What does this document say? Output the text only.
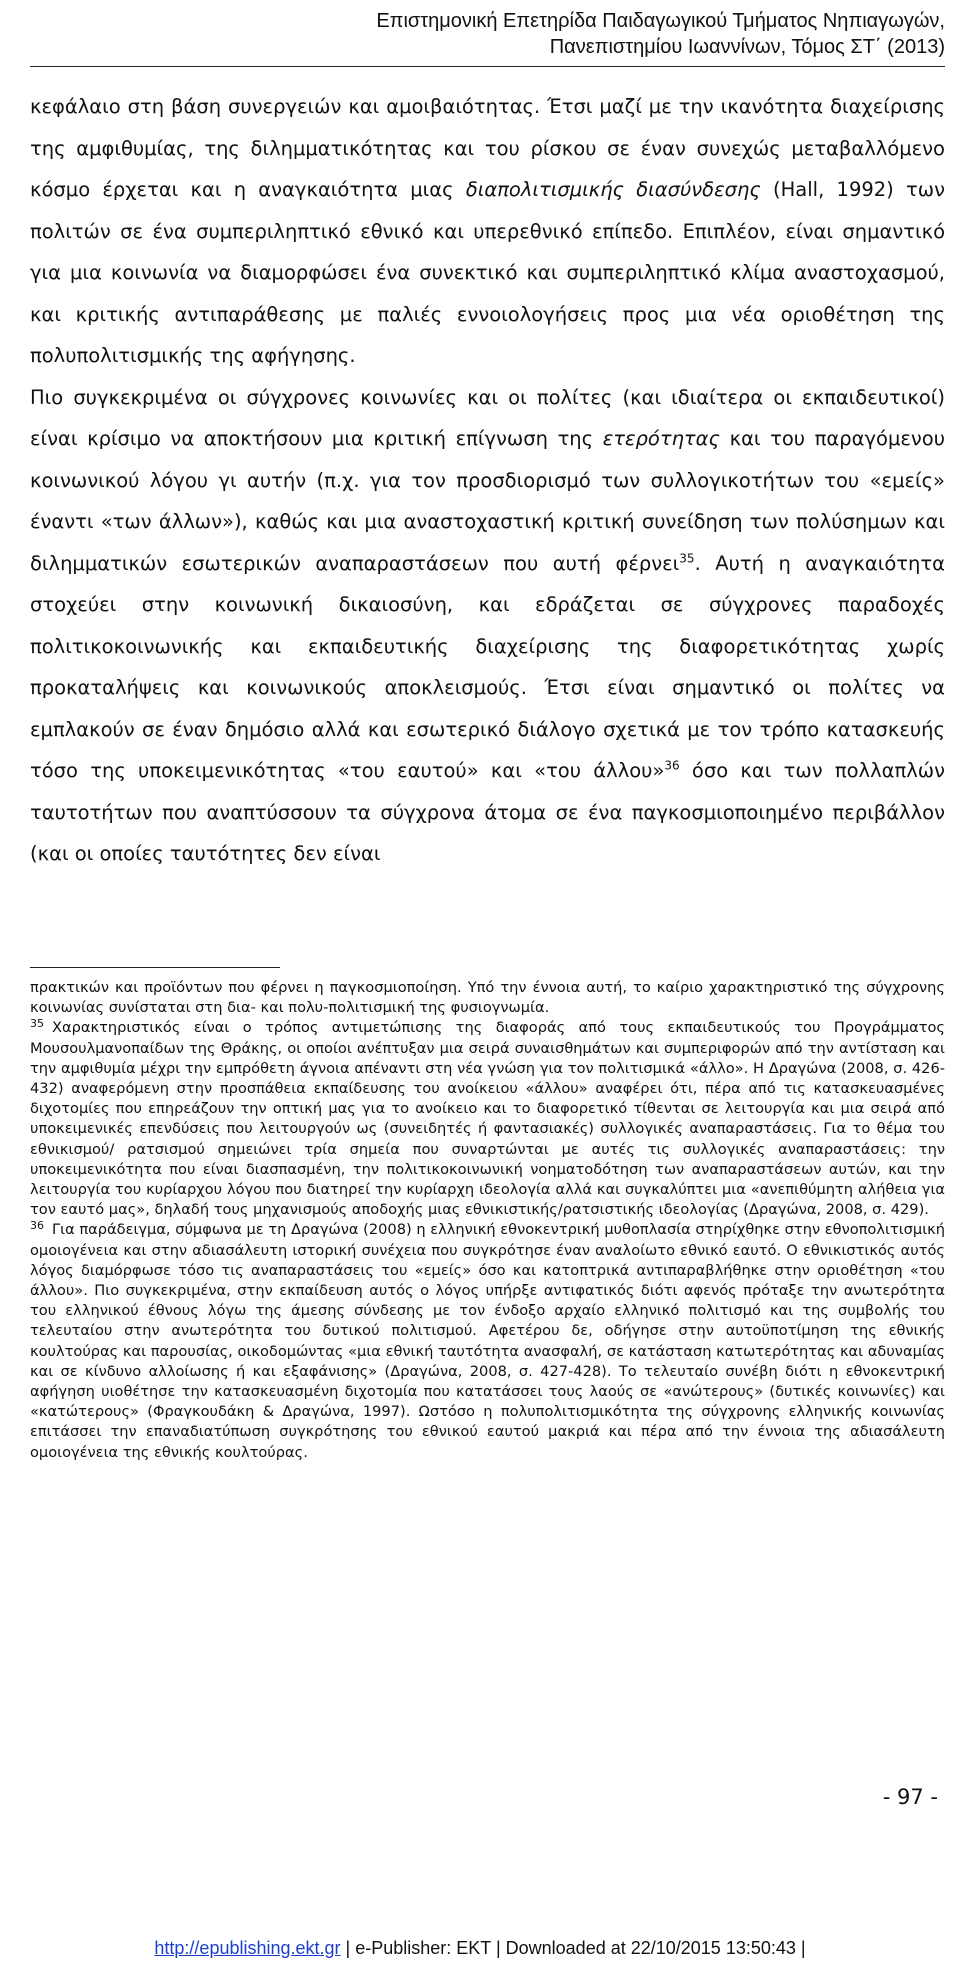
Επιστημονική Επετηρίδα Παιδαγωγικού Τμήματος Νηπιαγωγών,
Πανεπιστημίου Ιωαννίνων, Τόμος ΣΤ΄ (2013)

κεφάλαιο στη βάση συνεργειών και αμοιβαιότητας. Έτσι μαζί με την ικανότητα διαχείρισης της αμφιθυμίας, της διλημματικότητας και του ρίσκου σε έναν συνεχώς μεταβαλλόμενο κόσμο έρχεται και η αναγκαιότητα μιας διαπολιτισμικής διασύνδεσης (Hall, 1992) των πολιτών σε ένα συμπεριληπτικό εθνικό και υπερεθνικό επίπεδο. Επιπλέον, είναι σημαντικό για μια κοινωνία να διαμορφώσει ένα συνεκτικό και συμπεριληπτικό κλίμα αναστοχασμού, και κριτικής αντιπαράθεσης με παλιές εννοιολογήσεις προς μια νέα οριοθέτηση της πολυπολιτισμικής της αφήγησης.

Πιο συγκεκριμένα οι σύγχρονες κοινωνίες και οι πολίτες (και ιδιαίτερα οι εκπαιδευτικοί) είναι κρίσιμο να αποκτήσουν μια κριτική επίγνωση της ετερότητας και του παραγόμενου κοινωνικού λόγου γι αυτήν (π.χ. για τον προσδιορισμό των συλλογικοτήτων του «εμείς» έναντι «των άλλων»), καθώς και μια αναστοχαστική κριτική συνείδηση των πολύσημων και διλημματικών εσωτερικών αναπαραστάσεων που αυτή φέρνει$^{35}$. Αυτή η αναγκαιότητα στοχεύει στην κοινωνική δικαιοσύνη, και εδράζεται σε σύγχρονες παραδοχές πολιτικοκοινωνικής και εκπαιδευτικής διαχείρισης της διαφορετικότητας χωρίς προκαταλήψεις και κοινωνικούς αποκλεισμούς. Έτσι είναι σημαντικό οι πολίτες να εμπλακούν σε έναν δημόσιο αλλά και εσωτερικό διάλογο σχετικά με τον τρόπο κατασκευής τόσο της υποκειμενικότητας «του εαυτού» και «του άλλου»$^{36}$ όσο και των πολλαπλών ταυτοτήτων που αναπτύσσουν τα σύγχρονα άτομα σε ένα παγκοσμιοποιημένο περιβάλλον (και οι οποίες ταυτότητες δεν είναι

πρακτικών και προϊόντων που φέρνει η παγκοσμιοποίηση. Υπό την έννοια αυτή, το καίριο χαρακτηριστικό της σύγχρονης κοινωνίας συνίσταται στη δια- και πολυ-πολιτισμική της φυσιογνωμία.

$^{35}$ Χαρακτηριστικός είναι ο τρόπος αντιμετώπισης της διαφοράς από τους εκπαιδευτικούς του Προγράμματος Μουσουλμανοπαίδων της Θράκης, οι οποίοι ανέπτυξαν μια σειρά συναισθημάτων και συμπεριφορών από την αντίσταση και την αμφιθυμία μέχρι την εμπρόθετη άγνοια απέναντι στη νέα γνώση για τον πολιτισμικά «άλλο». Η Δραγώνα (2008, σ. 426-432) αναφερόμενη στην προσπάθεια εκπαίδευσης του ανοίκειου «άλλου» αναφέρει ότι, πέρα από τις κατασκευασμένες διχοτομίες που επηρεάζουν την οπτική μας για το ανοίκειο και το διαφορετικό τίθενται σε λειτουργία και μια σειρά από υποκειμενικές επενδύσεις που λειτουργούν ως (συνειδητές ή φαντασιακές) συλλογικές αναπαραστάσεις. Για το θέμα του εθνικισμού/ ρατσισμού σημειώνει τρία σημεία που συναρτώνται με αυτές τις συλλογικές αναπαραστάσεις: την υποκειμενικότητα που είναι διασπασμένη, την πολιτικοκοινωνική νοηματοδότηση των αναπαραστάσεων αυτών, και την λειτουργία του κυρίαρχου λόγου που διατηρεί την κυρίαρχη ιδεολογία αλλά και συγκαλύπτει μια «ανεπιθύμητη αλήθεια για τον εαυτό μας», δηλαδή τους μηχανισμούς αποδοχής μιας εθνικιστικής/ρατσιστικής ιδεολογίας (Δραγώνα, 2008, σ. 429).

$^{36}$ Για παράδειγμα, σύμφωνα με τη Δραγώνα (2008) η ελληνική εθνοκεντρική μυθοπλασία στηρίχθηκε στην εθνοπολιτισμική ομοιογένεια και στην αδιασάλευτη ιστορική συνέχεια που συγκρότησε έναν αναλοίωτο εθνικό εαυτό. Ο εθνικιστικός αυτός λόγος διαμόρφωσε τόσο τις αναπαραστάσεις του «εμείς» όσο και κατοπτρικά αντιπαραβλήθηκε στην οριοθέτηση «του άλλου». Πιο συγκεκριμένα, στην εκπαίδευση αυτός ο λόγος υπήρξε αντιφατικός διότι αφενός πρόταξε την ανωτερότητα του ελληνικού έθνους λόγω της άμεσης σύνδεσης με τον ένδοξο αρχαίο ελληνικό πολιτισμό και της συμβολής του τελευταίου στην ανωτερότητα του δυτικού πολιτισμού. Αφετέρου δε, οδήγησε στην αυτοϋποτίμηση της εθνικής κουλτούρας και παρουσίας, οικοδομώντας «μια εθνική ταυτότητα ανασφαλή, σε κατάσταση κατωτερότητας και αδυναμίας και σε κίνδυνο αλλοίωσης ή και εξαφάνισης» (Δραγώνα, 2008, σ. 427-428). Το τελευταίο συνέβη διότι η εθνοκεντρική αφήγηση υιοθέτησε την κατασκευασμένη διχοτομία που κατατάσσει τους λαούς σε «ανώτερους» (δυτικές κοινωνίες) και «κατώτερους» (Φραγκουδάκη & Δραγώνα, 1997). Ωστόσο η πολυπολιτισμικότητα της σύγχρονης ελληνικής κοινωνίας επιτάσσει την επαναδιατύπωση συγκρότησης του εθνικού εαυτού μακριά και πέρα από την έννοια της αδιασάλευτη ομοιογένεια της εθνικής κουλτούρας.

- 97 -
http://epublishing.ekt.gr | e-Publisher: EKT | Downloaded at 22/10/2015 13:50:43 |
